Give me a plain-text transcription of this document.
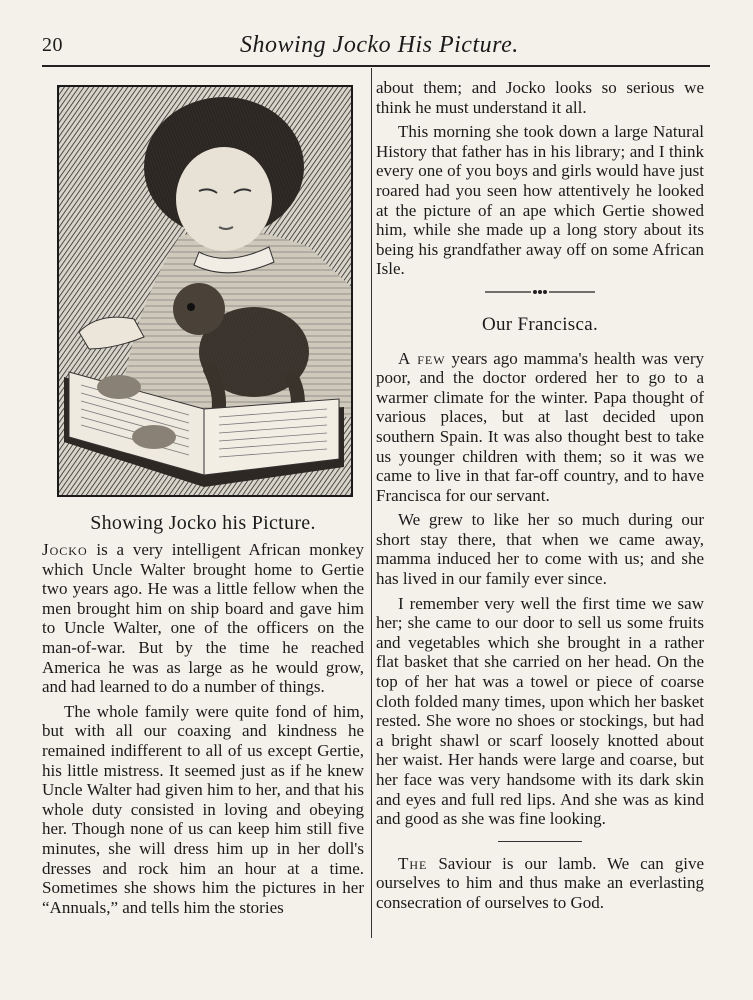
20	Showing Jocko His Picture.
Showing Jocko his Picture.

Jocko is a very intelligent African monkey which Uncle Walter brought home to Gertie two years ago. He was a little fellow when the men brought him on ship board and gave him to Uncle Walter, one of the officers on the man-of-war. But by the time he reached America he was as large as he would grow, and had learned to do a number of things.

The whole family were quite fond of him, but with all our coaxing and kindness he remained indifferent to all of us except Gertie, his little mistress. It seemed just as if he knew Uncle Walter had given him to her, and that his whole duty consisted in loving and obeying her. Though none of us can keep him still five minutes, she will dress him up in her doll's dresses and rock him an hour at a time. Sometimes she shows him the pictures in her “Annuals,” and tells him the stories

about them; and Jocko looks so serious we think he must understand it all.

This morning she took down a large Natural History that father has in his library; and I think every one of you boys and girls would have just roared had you seen how attentively he looked at the picture of an ape which Gertie showed him, while she made up a long story about its being his grandfather away off on some African Isle.

Our Francisca.

A few years ago mamma's health was very poor, and the doctor ordered her to go to a warmer climate for the winter. Papa thought of various places, but at last decided upon southern Spain. It was also thought best to take us younger children with them; so it was we came to live in that far-off country, and to have Francisca for our servant.

We grew to like her so much during our short stay there, that when we came away, mamma induced her to come with us; and she has lived in our family ever since.

I remember very well the first time we saw her; she came to our door to sell us some fruits and vegetables which she brought in a rather flat basket that she carried on her head. On the top of her hat was a towel or piece of coarse cloth folded many times, upon which her basket rested. She wore no shoes or stockings, but had a bright shawl or scarf loosely knotted about her waist. Her hands were large and coarse, but her face was very handsome with its dark skin and eyes and full red lips. And she was as kind and good as she was fine looking.

The Saviour is our lamb. We can give ourselves to him and thus make an everlasting consecration of ourselves to God.
